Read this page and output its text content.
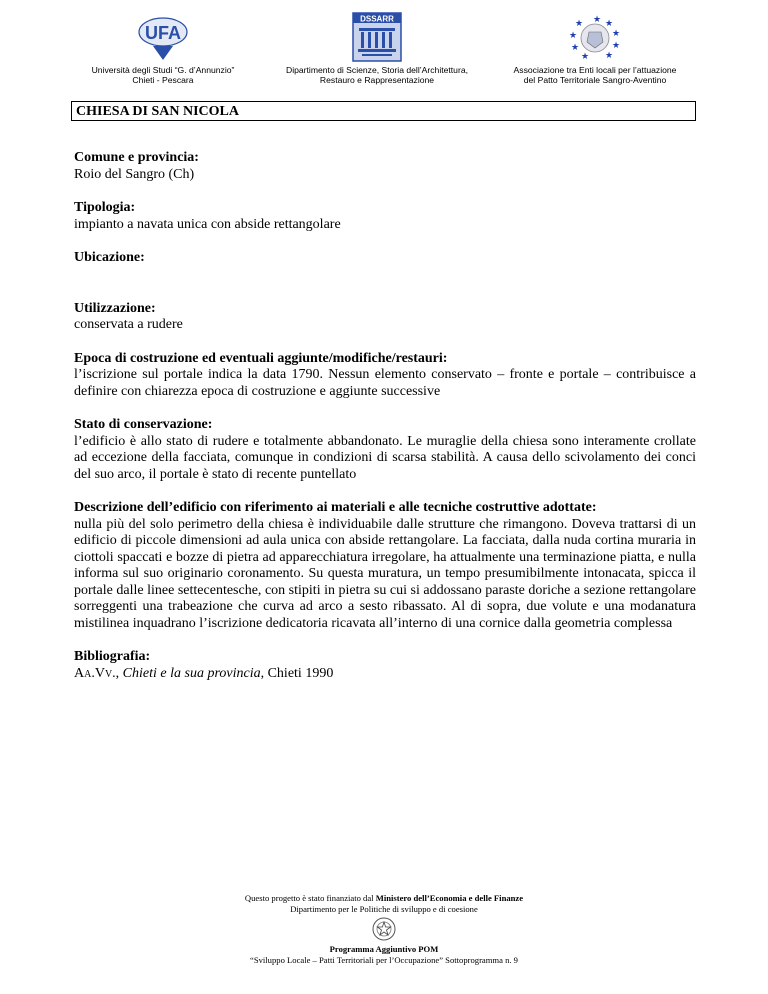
UFA
Università degli Studi “G. d’Annunzio”
Chieti - Pescara
DSSARR
Dipartimento di Scienze, Storia dell’Architettura,
Restauro e Rappresentazione
★ ★
★
★
★
★
★
★
★
Associazione tra Enti locali per l’attuazione
del Patto Territoriale Sangro-Aventino
CHIESA DI SAN NICOLA
Comune e provincia:

Roio del Sangro (Ch)

Tipologia:

impianto a navata unica con abside rettangolare

Ubicazione:

Utilizzazione:

conservata a rudere

Epoca di costruzione ed eventuali aggiunte/modifiche/restauri:

l’iscrizione sul portale indica la data 1790. Nessun elemento conservato – fronte e portale – contribuisce a definire con chiarezza epoca di costruzione e aggiunte successive

Stato di conservazione:

l’edificio è allo stato di rudere e totalmente abbandonato. Le muraglie della chiesa sono interamente crollate ad eccezione della facciata, comunque in condizioni di scarsa stabilità. A causa dello scivolamento dei conci del suo arco, il portale è stato di recente puntellato

Descrizione dell’edificio con riferimento ai materiali e alle tecniche costruttive adottate:

nulla più del solo perimetro della chiesa è individuabile dalle strutture che rimangono. Doveva trattarsi di un edificio di piccole dimensioni ad aula unica con abside rettangolare. La facciata, dalla nuda cortina muraria in ciottoli spaccati e bozze di pietra ad apparecchiatura irregolare, ha attualmente una terminazione piatta, e nulla informa sul suo originario coronamento. Su questa muratura, un tempo presumibilmente intonacata, spicca il portale dalle linee settecentesche, con stipiti in pietra su cui si addossano paraste doriche a sezione rettangolare sorreggenti una trabeazione che curva ad arco a sesto ribassato. Al di sopra, due volute e una modanatura mistilinea inquadrano l’iscrizione dedicatoria ricavata all’interno di una cornice dalla geometria complessa

Bibliografia:

Aa.Vv., Chieti e la sua provincia, Chieti 1990

Questo progetto è stato finanziato dal Ministero dell’Economia e delle Finanze
Dipartimento per le Politiche di sviluppo e di coesione
Programma Aggiuntivo POM
“Sviluppo Locale – Patti Territoriali per l’Occupazione” Sottoprogramma n. 9
